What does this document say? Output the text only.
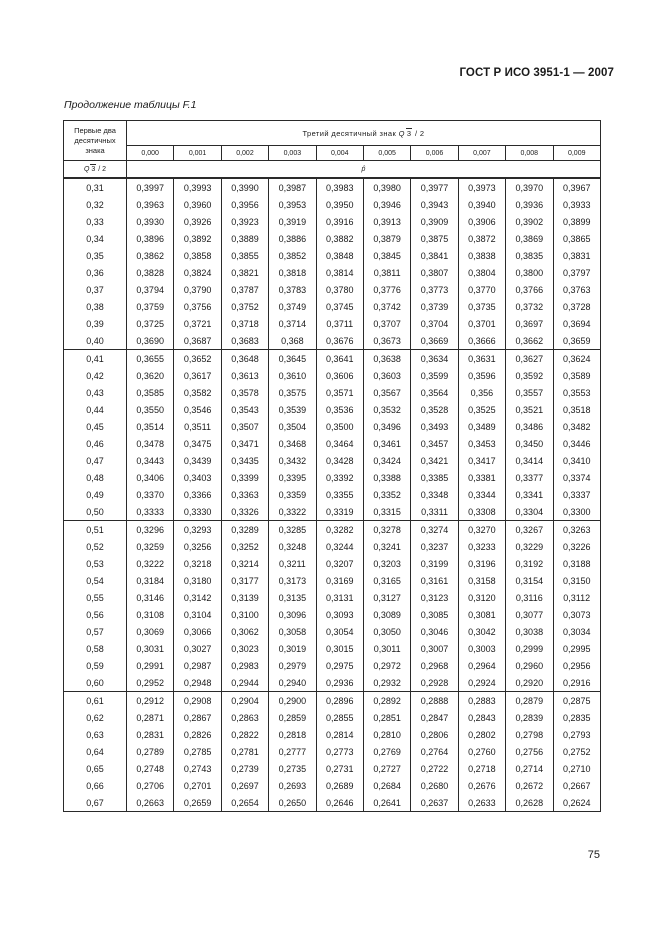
ГОСТ Р ИСО 3951-1 — 2007
Продолжение таблицы F.1
Первые два десятичных знака	Третий десятичный знак Q 3 / 2									
	0,000	0,001	0,002	0,003	0,004	0,005	0,006	0,007	0,008	0,009
Q 3 / 2	p̂									
0,31	0,3997	0,3993	0,3990	0,3987	0,3983	0,3980	0,3977	0,3973	0,3970	0,3967
0,32	0,3963	0,3960	0,3956	0,3953	0,3950	0,3946	0,3943	0,3940	0,3936	0,3933
0,33	0,3930	0,3926	0,3923	0,3919	0,3916	0,3913	0,3909	0,3906	0,3902	0,3899
0,34	0,3896	0,3892	0,3889	0,3886	0,3882	0,3879	0,3875	0,3872	0,3869	0,3865
0,35	0,3862	0,3858	0,3855	0,3852	0,3848	0,3845	0,3841	0,3838	0,3835	0,3831
0,36	0,3828	0,3824	0,3821	0,3818	0,3814	0,3811	0,3807	0,3804	0,3800	0,3797
0,37	0,3794	0,3790	0,3787	0,3783	0,3780	0,3776	0,3773	0,3770	0,3766	0,3763
0,38	0,3759	0,3756	0,3752	0,3749	0,3745	0,3742	0,3739	0,3735	0,3732	0,3728
0,39	0,3725	0,3721	0,3718	0,3714	0,3711	0,3707	0,3704	0,3701	0,3697	0,3694
0,40	0,3690	0,3687	0,3683	0,368	0,3676	0,3673	0,3669	0,3666	0,3662	0,3659
0,41	0,3655	0,3652	0,3648	0,3645	0,3641	0,3638	0,3634	0,3631	0,3627	0,3624
0,42	0,3620	0,3617	0,3613	0,3610	0,3606	0,3603	0,3599	0,3596	0,3592	0,3589
0,43	0,3585	0,3582	0,3578	0,3575	0,3571	0,3567	0,3564	0,356	0,3557	0,3553
0,44	0,3550	0,3546	0,3543	0,3539	0,3536	0,3532	0,3528	0,3525	0,3521	0,3518
0,45	0,3514	0,3511	0,3507	0,3504	0,3500	0,3496	0,3493	0,3489	0,3486	0,3482
0,46	0,3478	0,3475	0,3471	0,3468	0,3464	0,3461	0,3457	0,3453	0,3450	0,3446
0,47	0,3443	0,3439	0,3435	0,3432	0,3428	0,3424	0,3421	0,3417	0,3414	0,3410
0,48	0,3406	0,3403	0,3399	0,3395	0,3392	0,3388	0,3385	0,3381	0,3377	0,3374
0,49	0,3370	0,3366	0,3363	0,3359	0,3355	0,3352	0,3348	0,3344	0,3341	0,3337
0,50	0,3333	0,3330	0,3326	0,3322	0,3319	0,3315	0,3311	0,3308	0,3304	0,3300
0,51	0,3296	0,3293	0,3289	0,3285	0,3282	0,3278	0,3274	0,3270	0,3267	0,3263
0,52	0,3259	0,3256	0,3252	0,3248	0,3244	0,3241	0,3237	0,3233	0,3229	0,3226
0,53	0,3222	0,3218	0,3214	0,3211	0,3207	0,3203	0,3199	0,3196	0,3192	0,3188
0,54	0,3184	0,3180	0,3177	0,3173	0,3169	0,3165	0,3161	0,3158	0,3154	0,3150
0,55	0,3146	0,3142	0,3139	0,3135	0,3131	0,3127	0,3123	0,3120	0,3116	0,3112
0,56	0,3108	0,3104	0,3100	0,3096	0,3093	0,3089	0,3085	0,3081	0,3077	0,3073
0,57	0,3069	0,3066	0,3062	0,3058	0,3054	0,3050	0,3046	0,3042	0,3038	0,3034
0,58	0,3031	0,3027	0,3023	0,3019	0,3015	0,3011	0,3007	0,3003	0,2999	0,2995
0,59	0,2991	0,2987	0,2983	0,2979	0,2975	0,2972	0,2968	0,2964	0,2960	0,2956
0,60	0,2952	0,2948	0,2944	0,2940	0,2936	0,2932	0,2928	0,2924	0,2920	0,2916
0,61	0,2912	0,2908	0,2904	0,2900	0,2896	0,2892	0,2888	0,2883	0,2879	0,2875
0,62	0,2871	0,2867	0,2863	0,2859	0,2855	0,2851	0,2847	0,2843	0,2839	0,2835
0,63	0,2831	0,2826	0,2822	0,2818	0,2814	0,2810	0,2806	0,2802	0,2798	0,2793
0,64	0,2789	0,2785	0,2781	0,2777	0,2773	0,2769	0,2764	0,2760	0,2756	0,2752
0,65	0,2748	0,2743	0,2739	0,2735	0,2731	0,2727	0,2722	0,2718	0,2714	0,2710
0,66	0,2706	0,2701	0,2697	0,2693	0,2689	0,2684	0,2680	0,2676	0,2672	0,2667
0,67	0,2663	0,2659	0,2654	0,2650	0,2646	0,2641	0,2637	0,2633	0,2628	0,2624
75
